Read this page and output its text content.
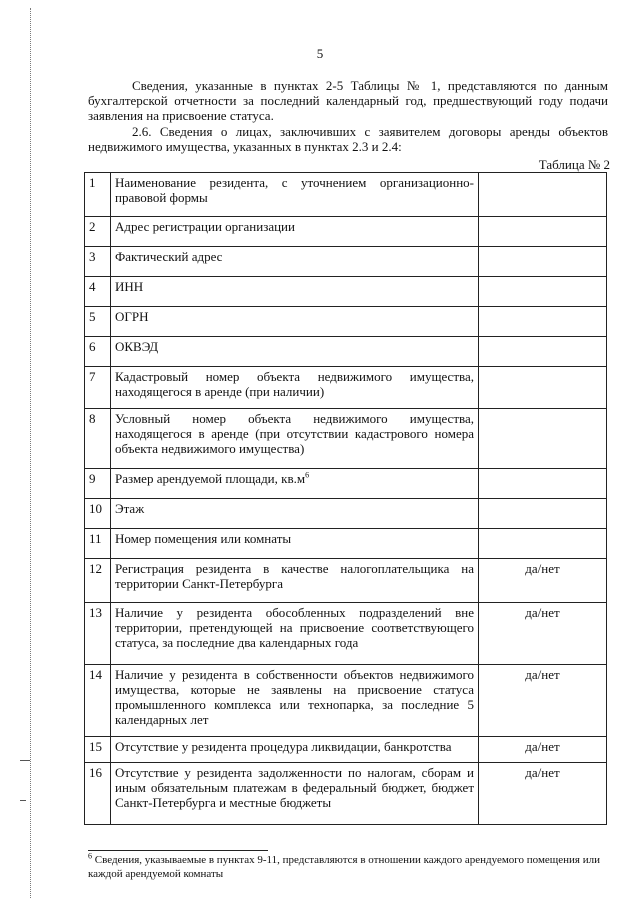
5

Сведения, указанные в пунктах 2-5 Таблицы № 1, представляются по данным бухгалтерской отчетности за последний календарный год, предшествующий году подачи заявления на присвоение статуса.

2.6. Сведения о лицах, заключивших с заявителем договоры аренды объектов недвижимого имущества, указанных в пунктах 2.3 и 2.4:

Таблица № 2
1	Наименование резидента, с уточнением организационно-правовой формы	
2	Адрес регистрации организации	
3	Фактический адрес	
4	ИНН	
5	ОГРН	
6	ОКВЭД	
7	Кадастровый номер объекта недвижимого имущества, находящегося в аренде (при наличии)	
8	Условный номер объекта недвижимого имущества, находящегося в аренде (при отсутствии кадастрового номера объекта недвижимого имущества)	
9	Размер арендуемой площади, $кв.м^6$	
10	Этаж	
11	Номер помещения или комнаты	
12	Регистрация резидента в качестве налогоплательщика на территории Санкт-Петербурга	да/нет
13	Наличие у резидента обособленных подразделений вне территории, претендующей на присвоение соответствующего статуса, за последние два календарных года	да/нет
14	Наличие у резидента в собственности объектов недвижимого имущества, которые не заявлены на присвоение статуса промышленного комплекса или технопарка, за последние 5 календарных лет	да/нет
15	Отсутствие у резидента процедура ликвидации, банкротства	да/нет
16	Отсутствие у резидента задолженности по налогам, сборам и иным обязательным платежам в федеральный бюджет, бюджет Санкт-Петербурга и местные бюджеты	да/нет

$^6$ Сведения, указываемые в пунктах 9-11, представляются в отношении каждого арендуемого помещения или каждой арендуемой комнаты
